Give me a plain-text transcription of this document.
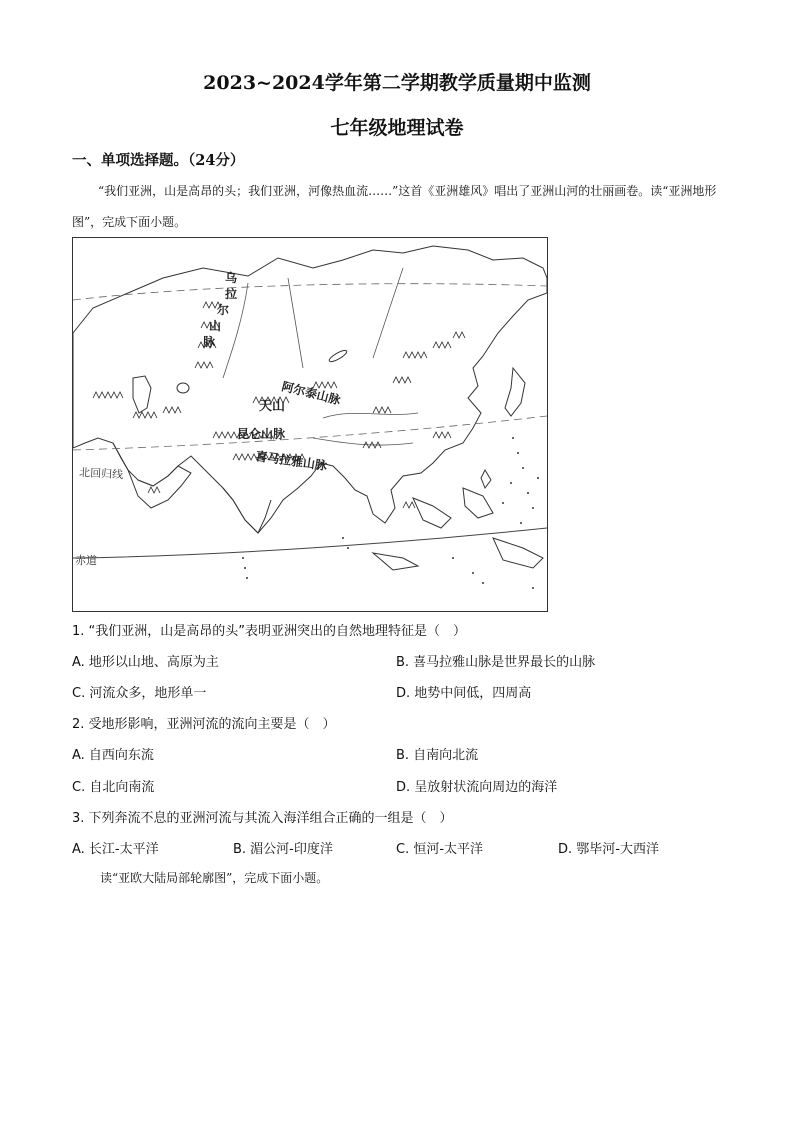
2023~2024学年第二学期教学质量期中监测
七年级地理试卷
一、单项选择题。（24分）
“我们亚洲，山是高昂的头；我们亚洲，河像热血流……”这首《亚洲雄风》唱出了亚洲山河的壮丽画卷。读“亚洲地形图”，完成下面小题。
乌
拉
尔
山
脉
阿尔泰山脉
天山
昆仑山脉
喜马拉雅山脉
北回归线
赤道
1. “我们亚洲，山是高昂的头”表明亚洲突出的自然地理特征是（　）
A. 地形以山地、高原为主	B. 喜马拉雅山脉是世界最长的山脉
C. 河流众多，地形单一	D. 地势中间低，四周高
2. 受地形影响，亚洲河流的流向主要是（　）
A. 自西向东流	B. 自南向北流
C. 自北向南流	D. 呈放射状流向周边的海洋
3. 下列奔流不息的亚洲河流与其流入海洋组合正确的一组是（　）
A. 长江-太平洋	B. 湄公河-印度洋	C. 恒河-太平洋	D. 鄂毕河-大西洋
读“亚欧大陆局部轮廓图”，完成下面小题。
